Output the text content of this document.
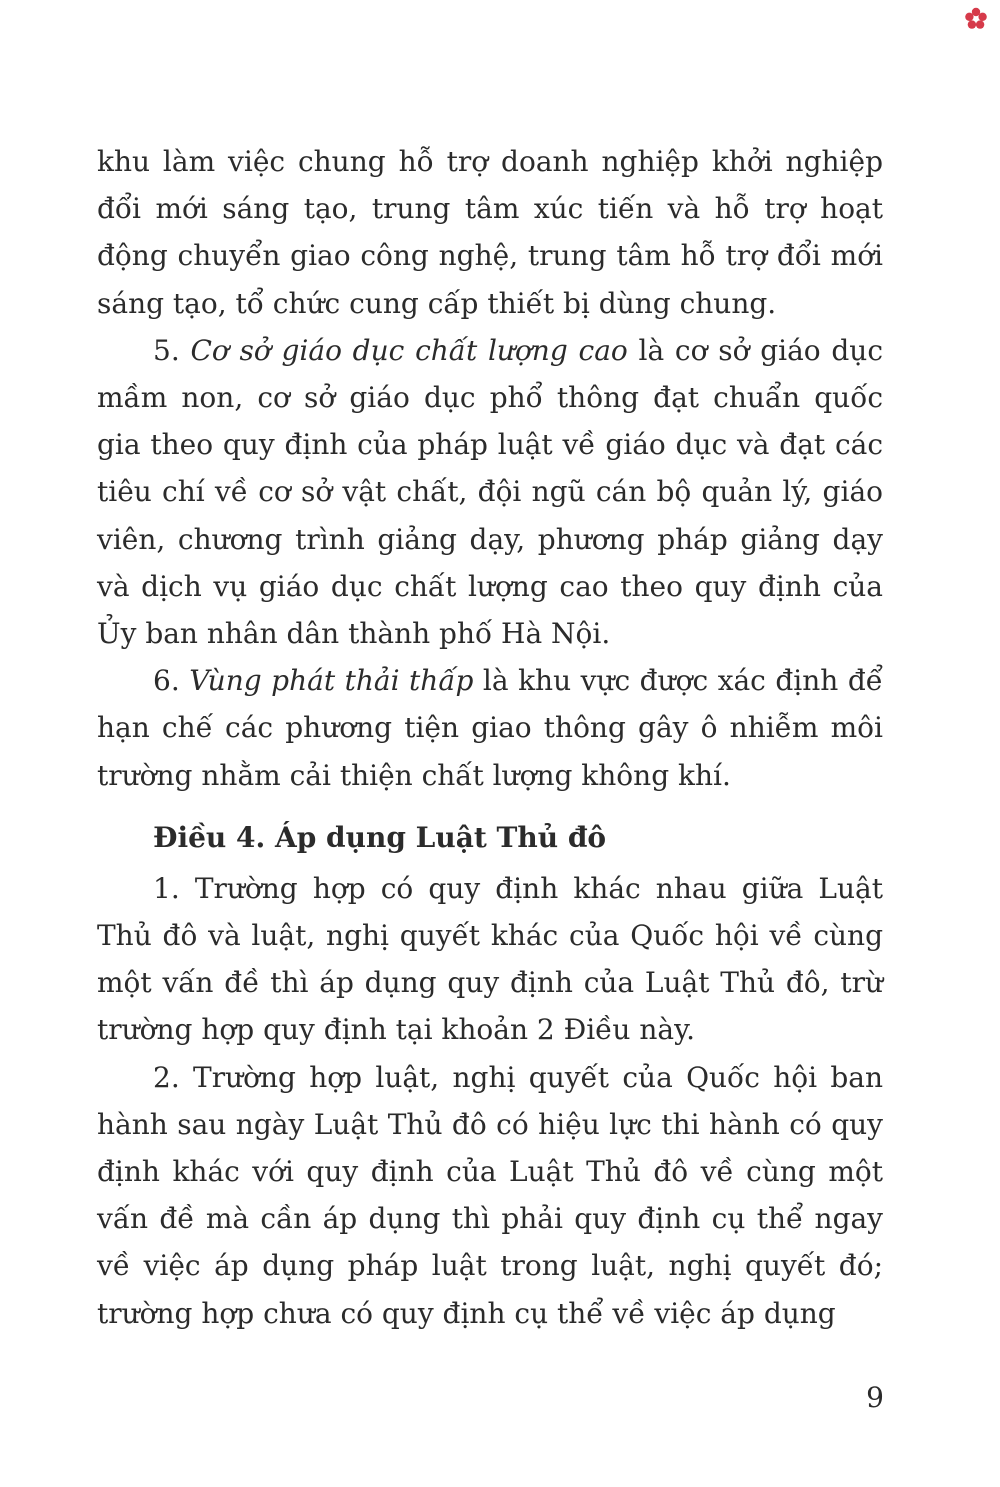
khu làm việc chung hỗ trợ doanh nghiệp khởi nghiệp đổi mới sáng tạo, trung tâm xúc tiến và hỗ trợ hoạt động chuyển giao công nghệ, trung tâm hỗ trợ đổi mới sáng tạo, tổ chức cung cấp thiết bị dùng chung.

5. Cơ sở giáo dục chất lượng cao là cơ sở giáo dục mầm non, cơ sở giáo dục phổ thông đạt chuẩn quốc gia theo quy định của pháp luật về giáo dục và đạt các tiêu chí về cơ sở vật chất, đội ngũ cán bộ quản lý, giáo viên, chương trình giảng dạy, phương pháp giảng dạy và dịch vụ giáo dục chất lượng cao theo quy định của Ủy ban nhân dân thành phố Hà Nội.

6. Vùng phát thải thấp là khu vực được xác định để hạn chế các phương tiện giao thông gây ô nhiễm môi trường nhằm cải thiện chất lượng không khí.

Điều 4. Áp dụng Luật Thủ đô

1. Trường hợp có quy định khác nhau giữa Luật Thủ đô và luật, nghị quyết khác của Quốc hội về cùng một vấn đề thì áp dụng quy định của Luật Thủ đô, trừ trường hợp quy định tại khoản 2 Điều này.

2. Trường hợp luật, nghị quyết của Quốc hội ban hành sau ngày Luật Thủ đô có hiệu lực thi hành có quy định khác với quy định của Luật Thủ đô về cùng một vấn đề mà cần áp dụng thì phải quy định cụ thể ngay về việc áp dụng pháp luật trong luật, nghị quyết đó; trường hợp chưa có quy định cụ thể về việc áp dụng

9
